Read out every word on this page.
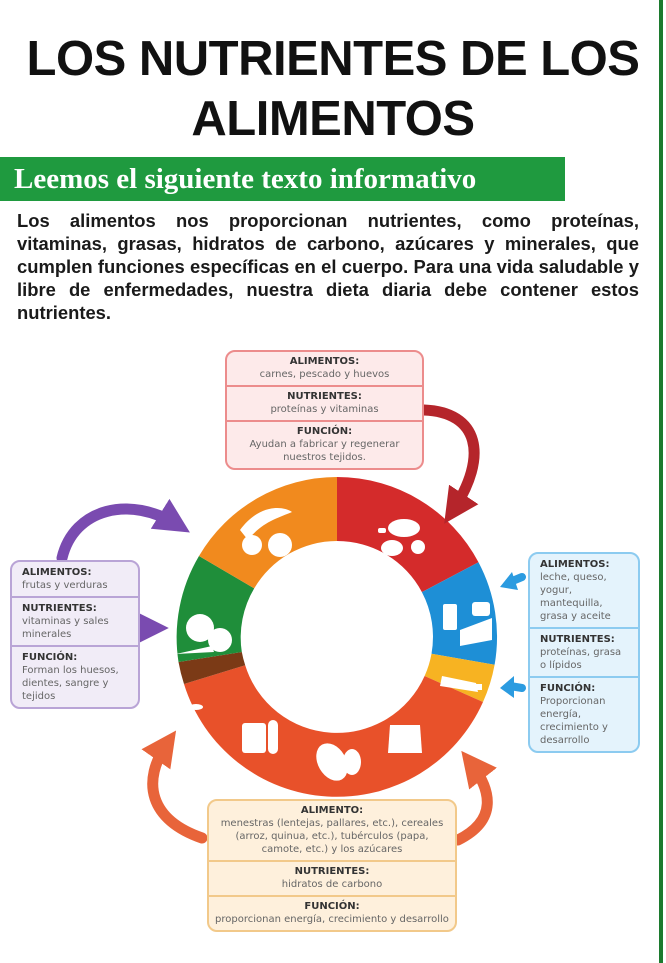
LOS NUTRIENTES DE LOS
ALIMENTOS
Leemos el siguiente texto informativo

Los alimentos nos proporcionan nutrientes, como proteínas, vitaminas, grasas, hidratos de carbono, azúcares y minerales, que cumplen funciones específicas en el cuerpo. Para una vida saludable y libre de enfermedades, nuestra dieta diaria debe contener estos nutrientes.

ALIMENTOS:
carnes, pescado y huevos
NUTRIENTES:
proteínas y vitaminas
FUNCIÓN:
Ayudan a fabricar y regenerar nuestros tejidos.
ALIMENTOS:
frutas y verduras
NUTRIENTES:
vitaminas y sales minerales
FUNCIÓN:
Forman los huesos, dientes, sangre y tejidos
ALIMENTOS:
leche, queso, yogur, mantequilla, grasa y aceite
NUTRIENTES:
proteínas, grasa o lípidos
FUNCIÓN:
Proporcionan energía, crecimiento y desarrollo
ALIMENTO:
menestras (lentejas, pallares, etc.), cereales (arroz, quinua, etc.), tubérculos (papa, camote, etc.) y los azúcares
NUTRIENTES:
hidratos de carbono
FUNCIÓN:
proporcionan energía, crecimiento y desarrollo
